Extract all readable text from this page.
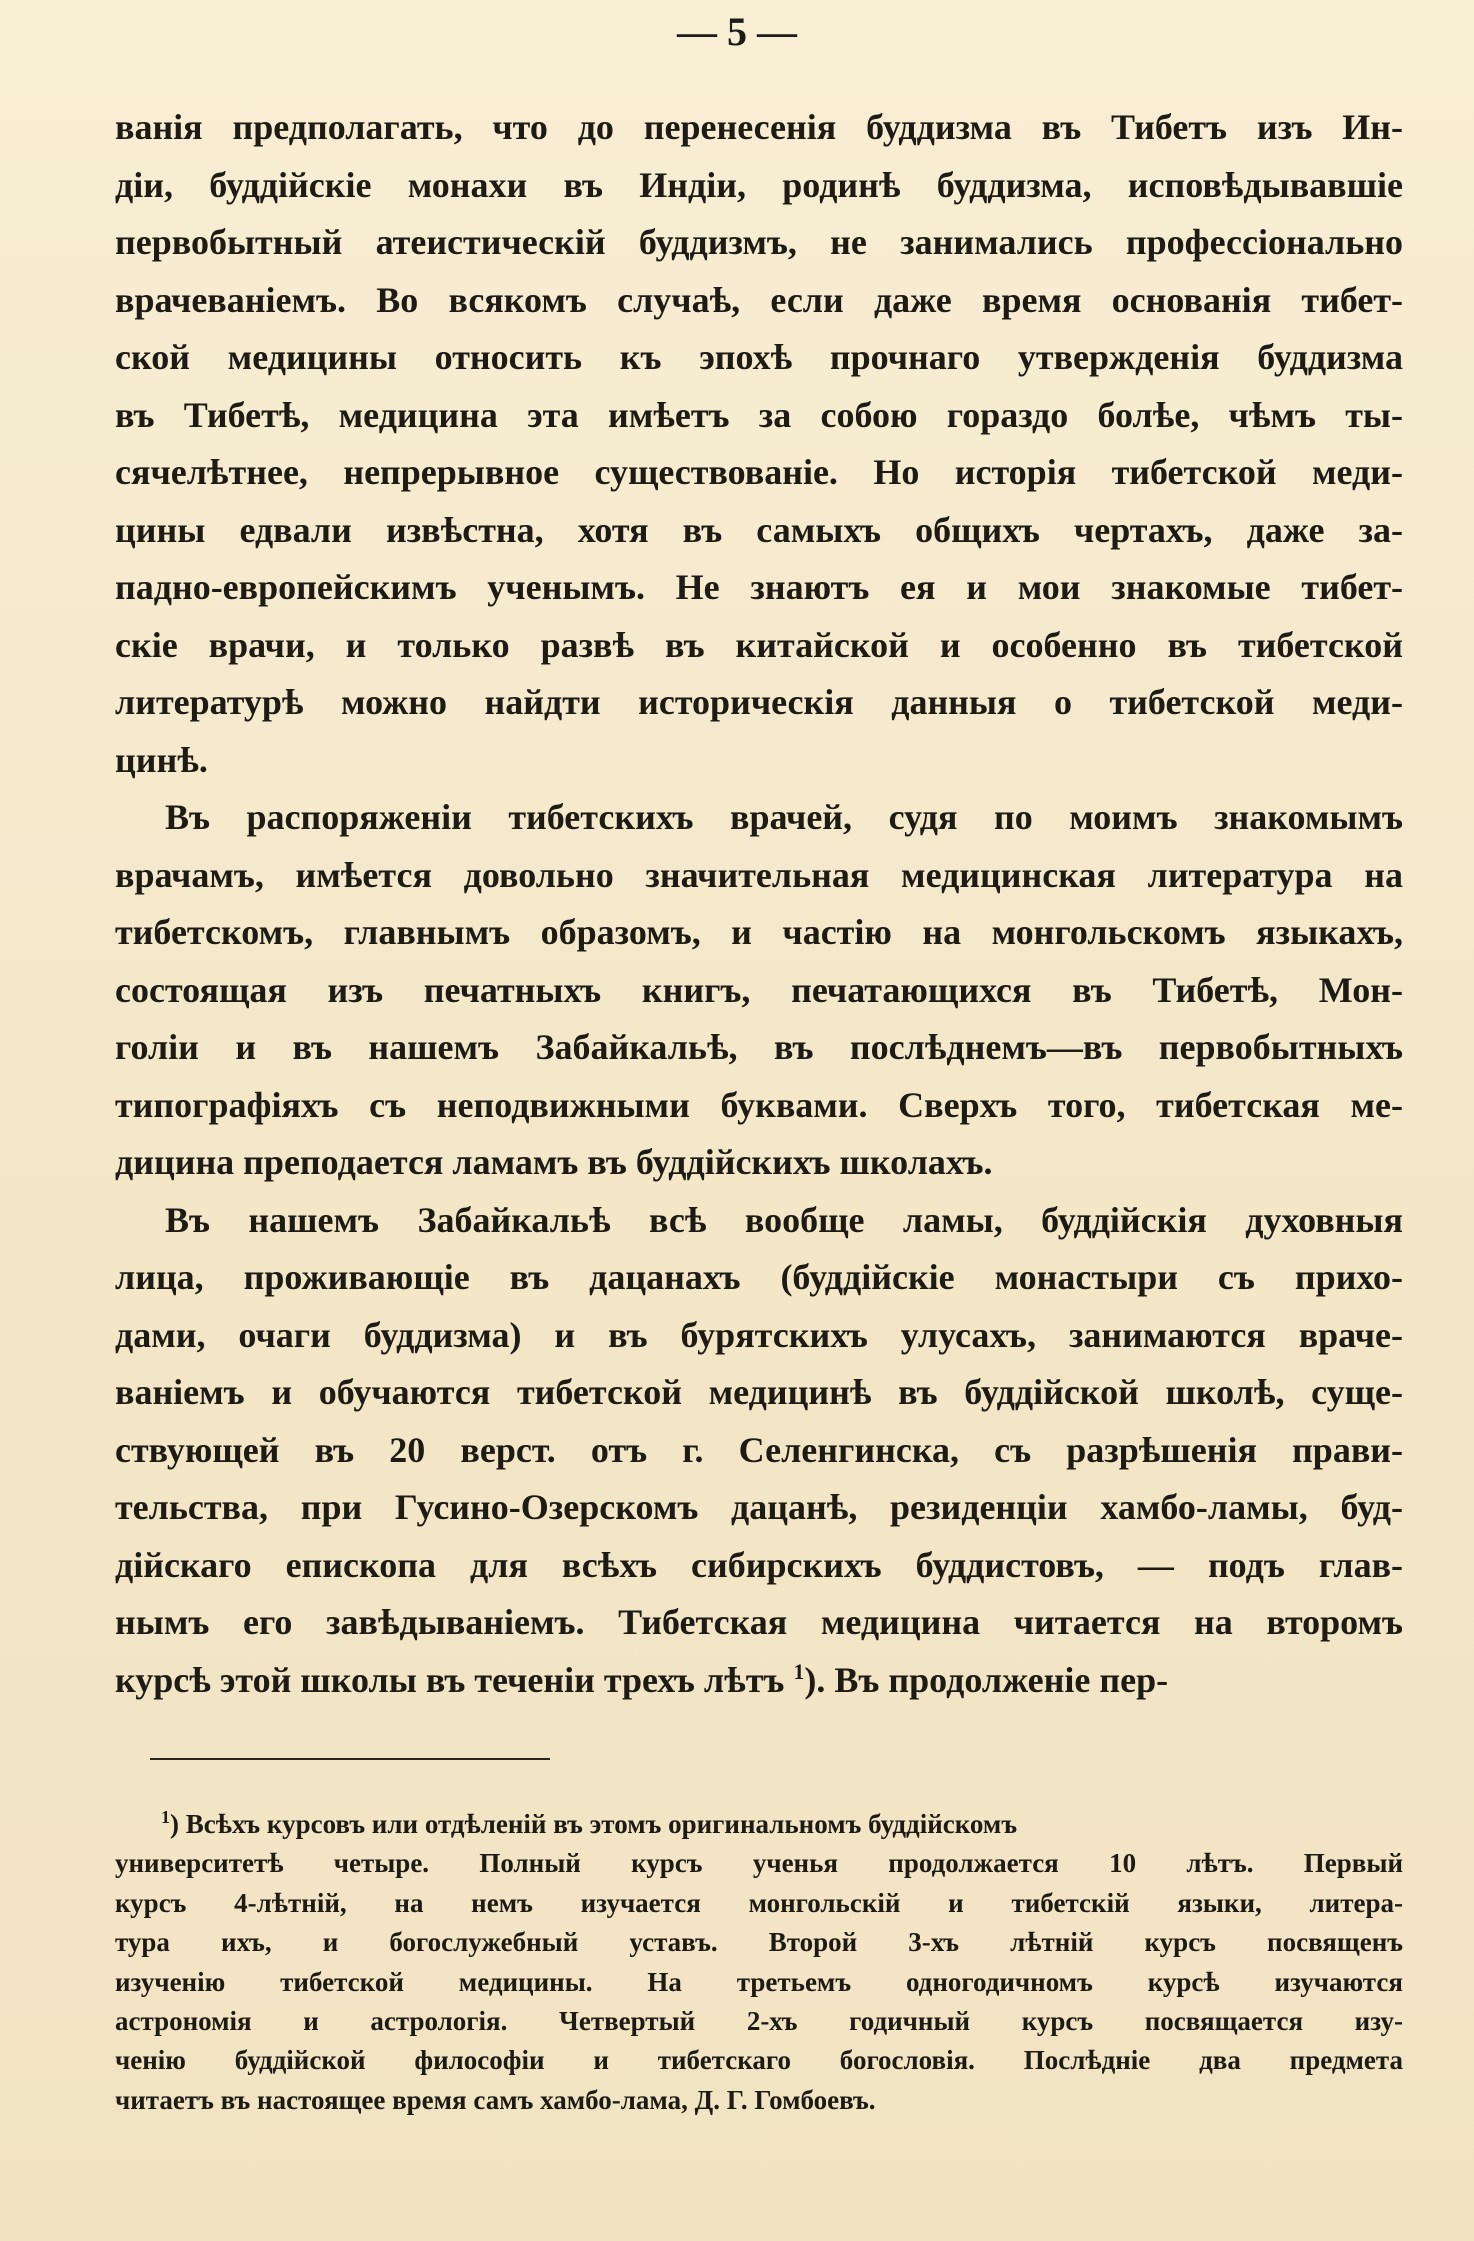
— 5 —
ванія предполагать, что до перенесенія буддизма въ Тибетъ изъ Ин-
діи, буддійскіе монахи въ Индіи, родинѣ буддизма, исповѣдывавшіе
первобытный атеистическій буддизмъ, не занимались профессіонально
врачеваніемъ. Во всякомъ случаѣ, если даже время основанія тибет-
ской медицины относить къ эпохѣ прочнаго утвержденія буддизма
въ Тибетѣ, медицина эта имѣетъ за собою гораздо болѣе, чѣмъ ты-
сячелѣтнее, непрерывное существованіе. Но исторія тибетской меди-
цины едвали извѣстна, хотя въ самыхъ общихъ чертахъ, даже за-
падно-европейскимъ ученымъ. Не знаютъ ея и мои знакомые тибет-
скіе врачи, и только развѣ въ китайской и особенно въ тибетской
литературѣ можно найдти историческія данныя о тибетской меди-
цинѣ.
Въ распоряженіи тибетскихъ врачей, судя по моимъ знакомымъ
врачамъ, имѣется довольно значительная медицинская литература на
тибетскомъ, главнымъ образомъ, и частію на монгольскомъ языкахъ,
состоящая изъ печатныхъ книгъ, печатающихся въ Тибетѣ, Мон-
голіи и въ нашемъ Забайкальѣ, въ послѣднемъ—въ первобытныхъ
типографіяхъ съ неподвижными буквами. Сверхъ того, тибетская ме-
дицина преподается ламамъ въ буддійскихъ школахъ.
Въ нашемъ Забайкальѣ всѣ вообще ламы, буддійскія духовныя
лица, проживающіе въ дацанахъ (буддійскіе монастыри съ прихо-
дами, очаги буддизма) и въ бурятскихъ улусахъ, занимаются враче-
ваніемъ и обучаются тибетской медицинѣ въ буддійской школѣ, суще-
ствующей въ 20 верст. отъ г. Селенгинска, съ разрѣшенія прави-
тельства, при Гусино-Озерскомъ дацанѣ, резиденціи хамбо-ламы, буд-
дійскаго епископа для всѣхъ сибирскихъ буддистовъ, — подъ глав-
нымъ его завѣдываніемъ. Тибетская медицина читается на второмъ
курсѣ этой школы въ теченіи трехъ лѣтъ $^1$). Въ продолженіе пер-
$^1$) Всѣхъ курсовъ или отдѣленій въ этомъ оригинальномъ буддійскомъ
университетѣ четыре. Полный курсъ ученья продолжается 10 лѣтъ. Первый
курсъ 4-лѣтній, на немъ изучается монгольскій и тибетскій языки, литера-
тура ихъ, и богослужебный уставъ. Второй 3-хъ лѣтній курсъ посвященъ
изученію тибетской медицины. На третьемъ одногодичномъ курсѣ изучаются
астрономія и астрологія. Четвертый 2-хъ годичный курсъ посвящается изу-
ченію буддійской философіи и тибетскаго богословія. Послѣдніе два предмета
читаетъ въ настоящее время самъ хамбо-лама, Д. Г. Гомбоевъ.
